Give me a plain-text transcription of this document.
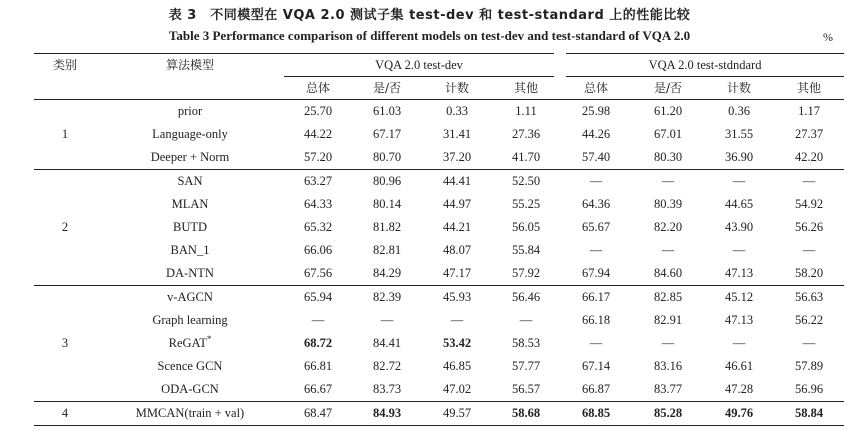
表 3　不同模型在 VQA 2.0 测试子集 test-dev 和 test-standard 上的性能比较
Table 3 Performance comparison of different models on test-dev and test-standard of VQA 2.0	%
类别	算法模型	VQA 2.0 test-dev				VQA 2.0 test-stdndard			
		总体	是/否	计数	其他	总体	是/否	计数	其他
1	prior	25.70	61.03	0.33	1.11	25.98	61.20	0.36	1.17
	Language-only	44.22	67.17	31.41	27.36	44.26	67.01	31.55	27.37
	Deeper + Norm	57.20	80.70	37.20	41.70	57.40	80.30	36.90	42.20
2	SAN	63.27	80.96	44.41	52.50	—	—	—	—
	MLAN	64.33	80.14	44.97	55.25	64.36	80.39	44.65	54.92
	BUTD	65.32	81.82	44.21	56.05	65.67	82.20	43.90	56.26
	BAN_1	66.06	82.81	48.07	55.84	—	—	—	—
	DA-NTN	67.56	84.29	47.17	57.92	67.94	84.60	47.13	58.20
3	v-AGCN	65.94	82.39	45.93	56.46	66.17	82.85	45.12	56.63
	Graph learning	—	—	—	—	66.18	82.91	47.13	56.22
	ReGAT*	68.72	84.41	53.42	58.53	—	—	—	—
	Scence GCN	66.81	82.72	46.85	57.77	67.14	83.16	46.61	57.89
	ODA-GCN	66.67	83.73	47.02	56.57	66.87	83.77	47.28	56.96
4	MMCAN(train + val)	68.47	84.93	49.57	58.68	68.85	85.28	49.76	58.84
